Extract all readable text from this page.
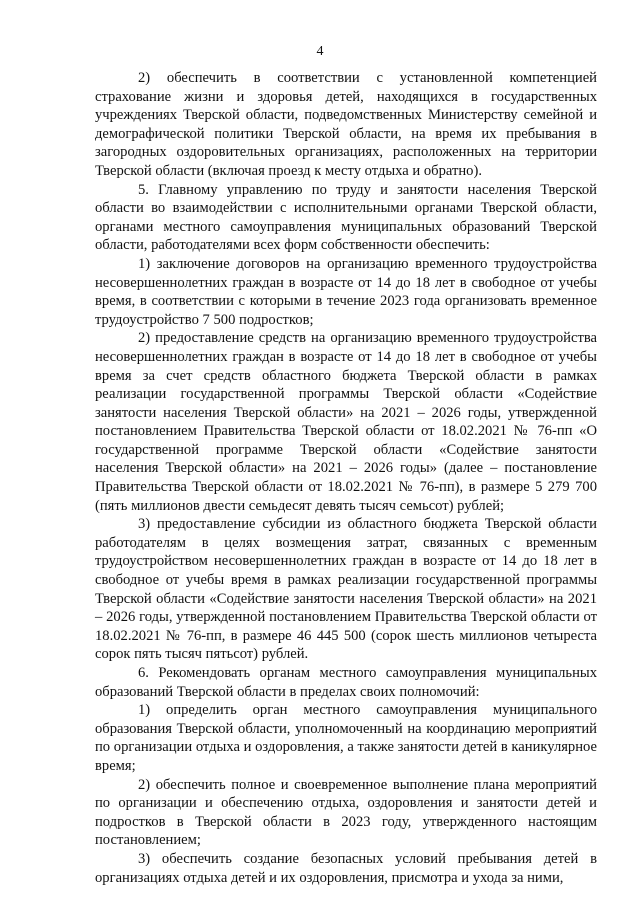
4

2) обеспечить в соответствии с установленной компетенцией страхование жизни и здоровья детей, находящихся в государственных учреждениях Тверской области, подведомственных Министерству семейной и демографической политики Тверской области, на время их пребывания в загородных оздоровительных организациях, расположенных на территории Тверской области (включая проезд к месту отдыха и обратно).

5. Главному управлению по труду и занятости населения Тверской области во взаимодействии с исполнительными органами Тверской области, органами местного самоуправления муниципальных образований Тверской области, работодателями всех форм собственности обеспечить:

1) заключение договоров на организацию временного трудоустройства несовершеннолетних граждан в возрасте от 14 до 18 лет в свободное от учебы время, в соответствии с которыми в течение 2023 года организовать временное трудоустройство 7 500 подростков;

2) предоставление средств на организацию временного трудоустройства несовершеннолетних граждан в возрасте от 14 до 18 лет в свободное от учебы время за счет средств областного бюджета Тверской области в рамках реализации государственной программы Тверской области «Содействие занятости населения Тверской области» на 2021 – 2026 годы, утвержденной постановлением Правительства Тверской области от 18.02.2021 № 76-пп «О государственной программе Тверской области «Содействие занятости населения Тверской области» на 2021 – 2026 годы» (далее – постановление Правительства Тверской области от 18.02.2021 № 76-пп), в размере 5 279 700 (пять миллионов двести семьдесят девять тысяч семьсот) рублей;

3) предоставление субсидии из областного бюджета Тверской области работодателям в целях возмещения затрат, связанных с временным трудоустройством несовершеннолетних граждан в возрасте от 14 до 18 лет в свободное от учебы время в рамках реализации государственной программы Тверской области «Содействие занятости населения Тверской области» на 2021 – 2026 годы, утвержденной постановлением Правительства Тверской области от 18.02.2021 № 76-пп, в размере 46 445 500 (сорок шесть миллионов четыреста сорок пять тысяч пятьсот) рублей.

6. Рекомендовать органам местного самоуправления муниципальных образований Тверской области в пределах своих полномочий:

1) определить орган местного самоуправления муниципального образования Тверской области, уполномоченный на координацию мероприятий по организации отдыха и оздоровления, а также занятости детей в каникулярное время;

2) обеспечить полное и своевременное выполнение плана мероприятий по организации и обеспечению отдыха, оздоровления и занятости детей и подростков в Тверской области в 2023 году, утвержденного настоящим постановлением;

3) обеспечить создание безопасных условий пребывания детей в организациях отдыха детей и их оздоровления, присмотра и ухода за ними,
